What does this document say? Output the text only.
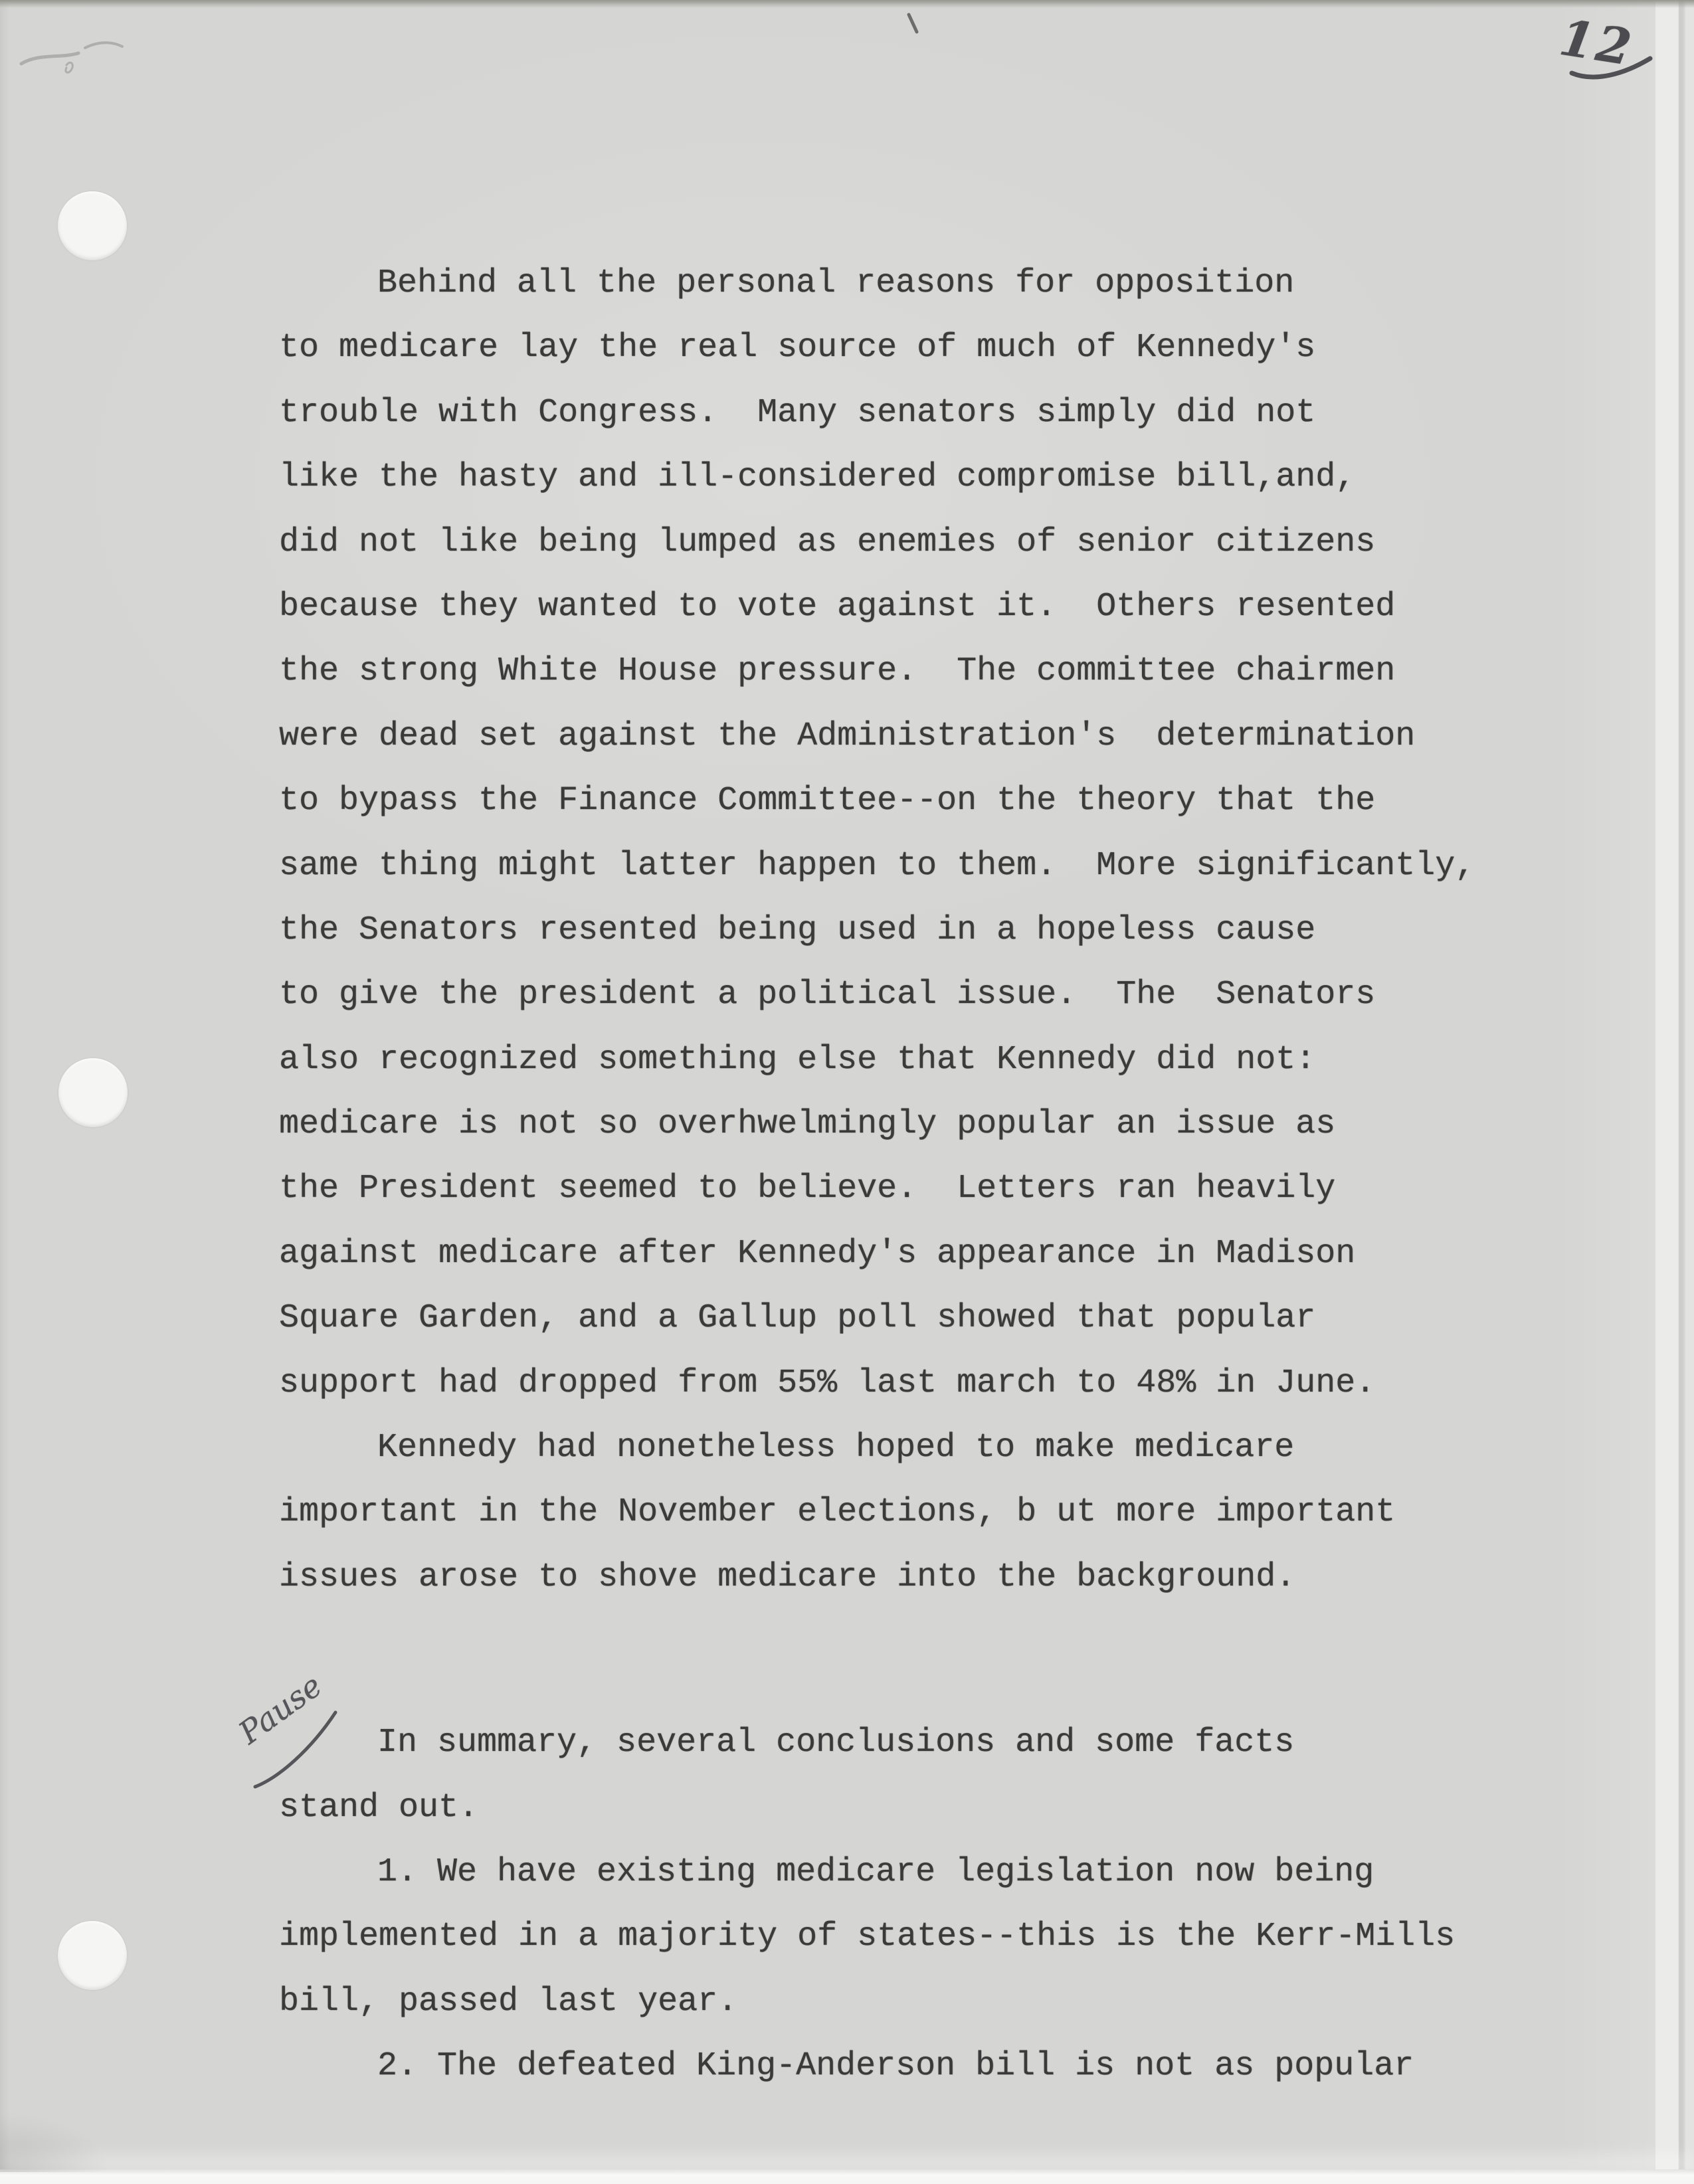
Behind all the personal reasons for opposition
to medicare lay the real source of much of Kennedy's
trouble with Congress.  Many senators simply did not
like the hasty and ill-considered compromise bill,and,
did not like being lumped as enemies of senior citizens
because they wanted to vote against it.  Others resented
the strong White House pressure.  The committee chairmen
were dead set against the Administration's  determination
to bypass the Finance Committee--on the theory that the
same thing might latter happen to them.  More significantly,
the Senators resented being used in a hopeless cause
to give the president a political issue.  The  Senators
also recognized something else that Kennedy did not:
medicare is not so overhwelmingly popular an issue as
the President seemed to believe.  Letters ran heavily
against medicare after Kennedy's appearance in Madison
Square Garden, and a Gallup poll showed that popular
support had dropped from 55% last march to 48% in June.
Kennedy had nonetheless hoped to make medicare
important in the November elections, b ut more important
issues arose to shove medicare into the background.
In summary, several conclusions and some facts
stand out.
1. We have existing medicare legislation now being
implemented in a majority of states--this is the Kerr-Mills
bill, passed last year.
2. The defeated King-Anderson bill is not as popular
12
Pause
